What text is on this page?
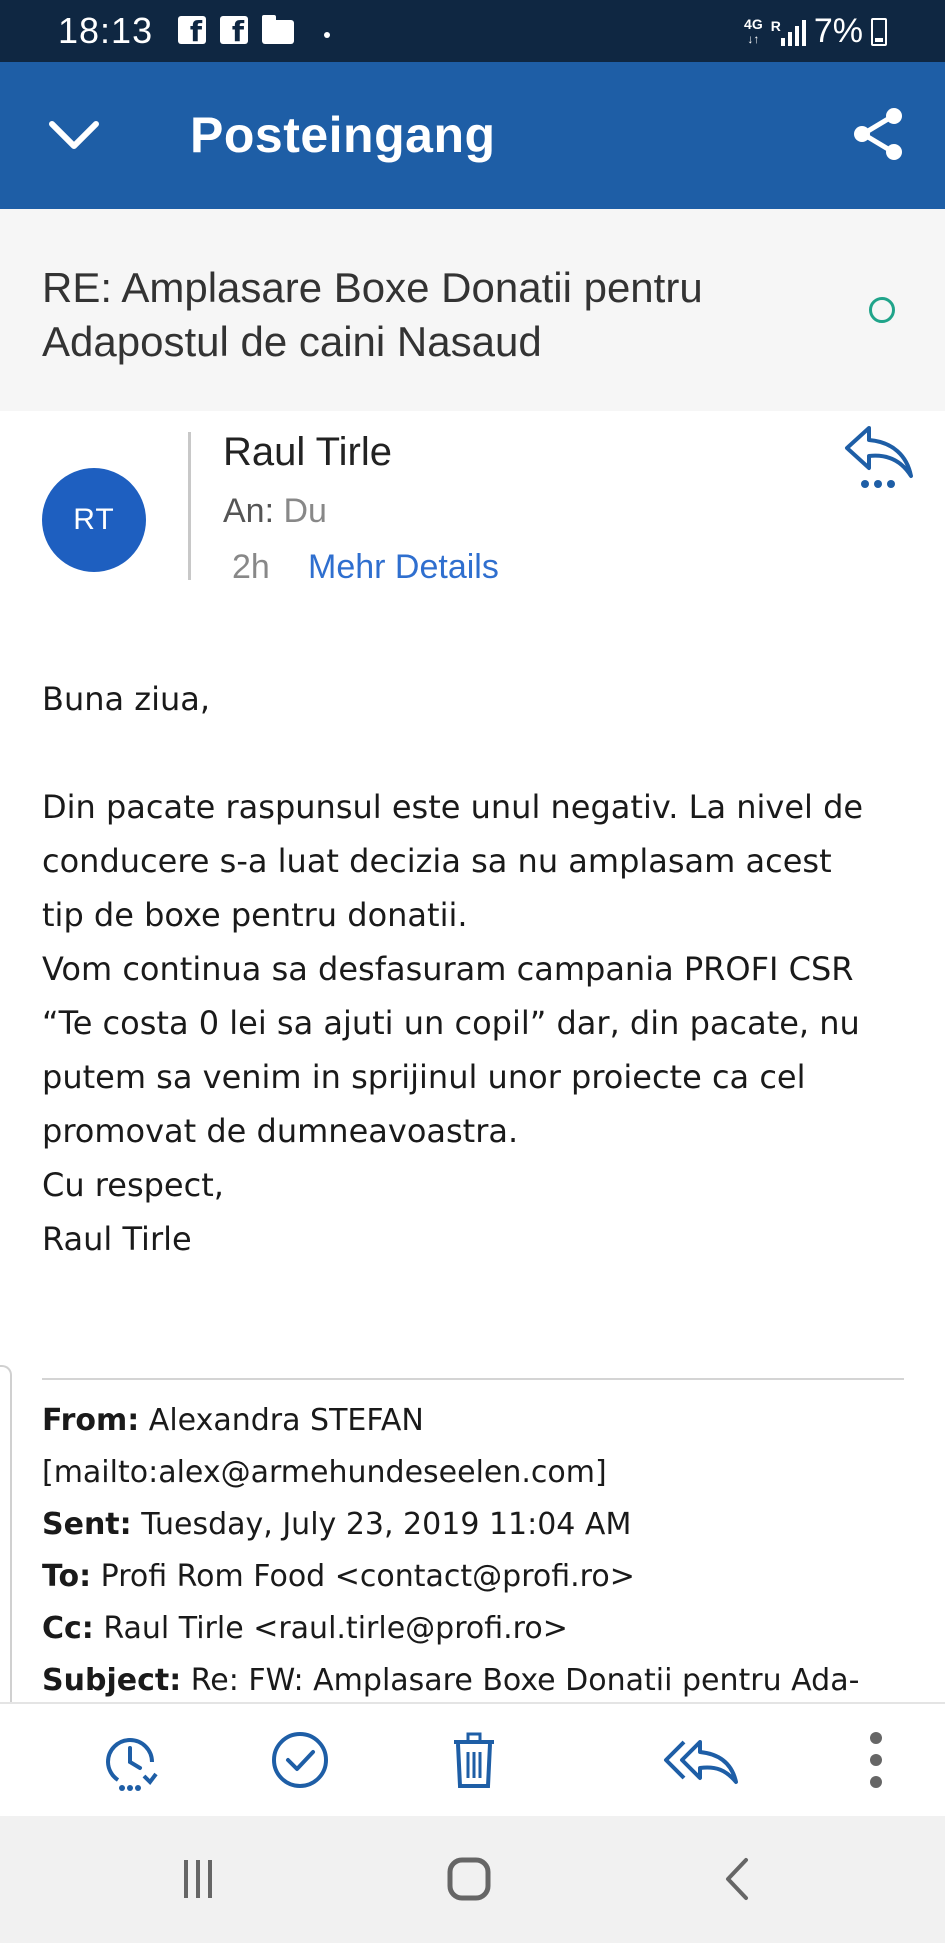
18:13 f f	4G
↓↑
R 7%
Posteingang
RE: Amplasare Boxe Donatii pentru Adapostul de caini Nasaud
RT
Raul Tirle
An: Du
2h Mehr Details

Buna ziua,

Din pacate raspunsul este unul negativ. La nivel de
conducere s-a luat decizia sa nu amplasam acest
tip de boxe pentru donatii.
Vom continua sa desfasuram campania PROFI CSR
“Te costa 0 lei sa ajuti un copil” dar, din pacate, nu
putem sa venim in sprijinul unor proiecte ca cel
promovat de dumneavoastra.

Cu respect,

Raul Tirle

From: Alexandra STEFAN
[mailto:alex@armehundeseelen.com]
Sent: Tuesday, July 23, 2019 11:04 AM
To: Profi Rom Food <contact@profi.ro>
Cc: Raul Tirle <raul.tirle@profi.ro>
Subject: Re: FW: Amplasare Boxe Donatii pentru Ada-
